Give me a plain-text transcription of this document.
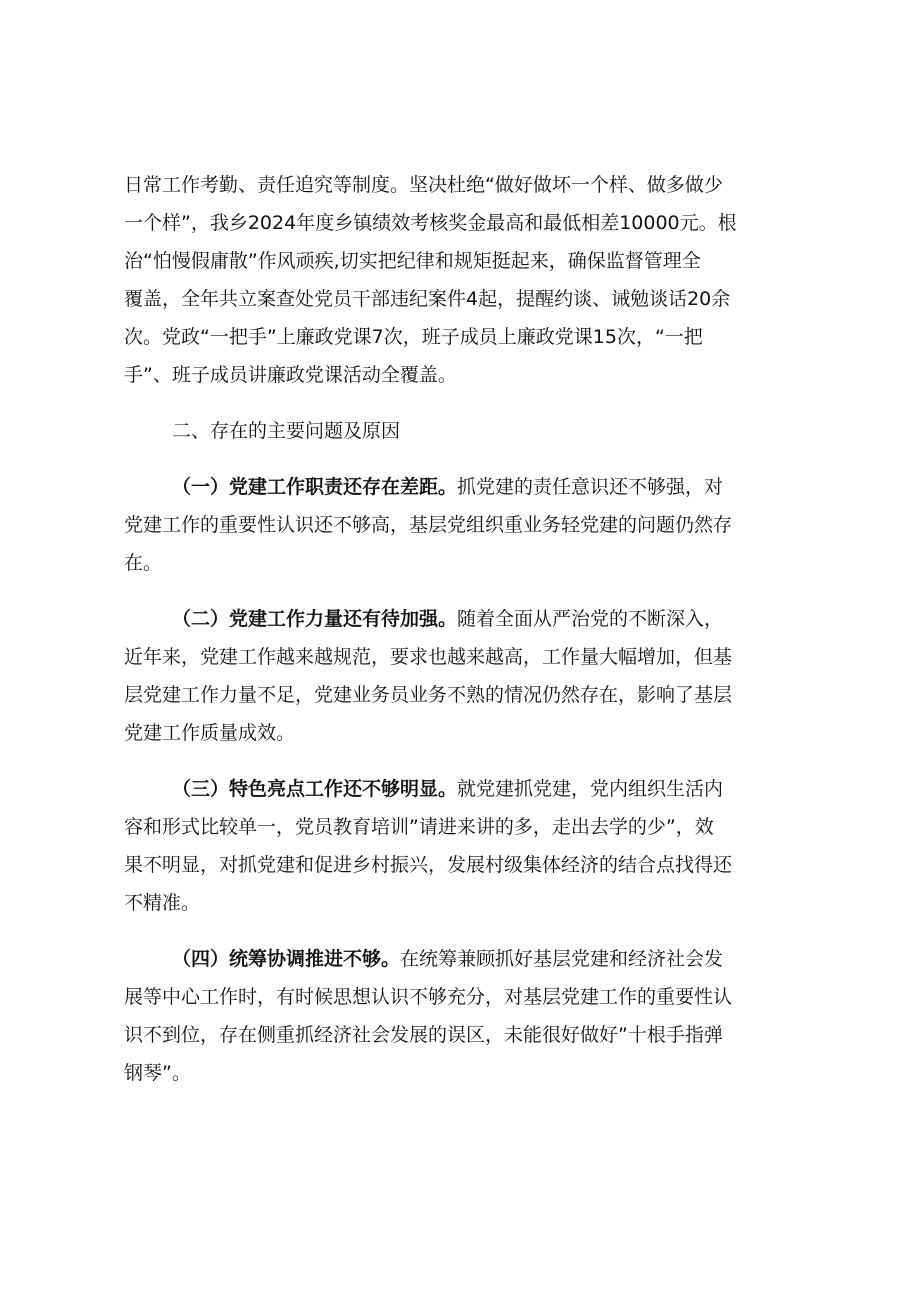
日常工作考勤、责任追究等制度。坚决杜绝“做好做坏一个样、做多做少

一个样”，我乡2024年度乡镇绩效考核奖金最高和最低相差10000元。根

治“怕慢假庸散”作风顽疾,切实把纪律和规矩挺起来，确保监督管理全

覆盖，全年共立案查处党员干部违纪案件4起，提醒约谈、诫勉谈话20余

次。党政“一把手”上廉政党课7次，班子成员上廉政党课15次，“一把

手”、班子成员讲廉政党课活动全覆盖。

二、存在的主要问题及原因

（一）党建工作职责还存在差距。抓党建的责任意识还不够强，对

党建工作的重要性认识还不够高，基层党组织重业务轻党建的问题仍然存

在。

（二）党建工作力量还有待加强。随着全面从严治党的不断深入，

近年来，党建工作越来越规范，要求也越来越高，工作量大幅增加，但基

层党建工作力量不足，党建业务员业务不熟的情况仍然存在，影响了基层

党建工作质量成效。

（三）特色亮点工作还不够明显。就党建抓党建，党内组织生活内

容和形式比较单一，党员教育培训”请进来讲的多，走出去学的少”，效

果不明显，对抓党建和促进乡村振兴，发展村级集体经济的结合点找得还

不精准。

（四）统筹协调推进不够。在统筹兼顾抓好基层党建和经济社会发

展等中心工作时，有时候思想认识不够充分，对基层党建工作的重要性认

识不到位，存在侧重抓经济社会发展的误区，未能很好做好”十根手指弹

钢琴”。
